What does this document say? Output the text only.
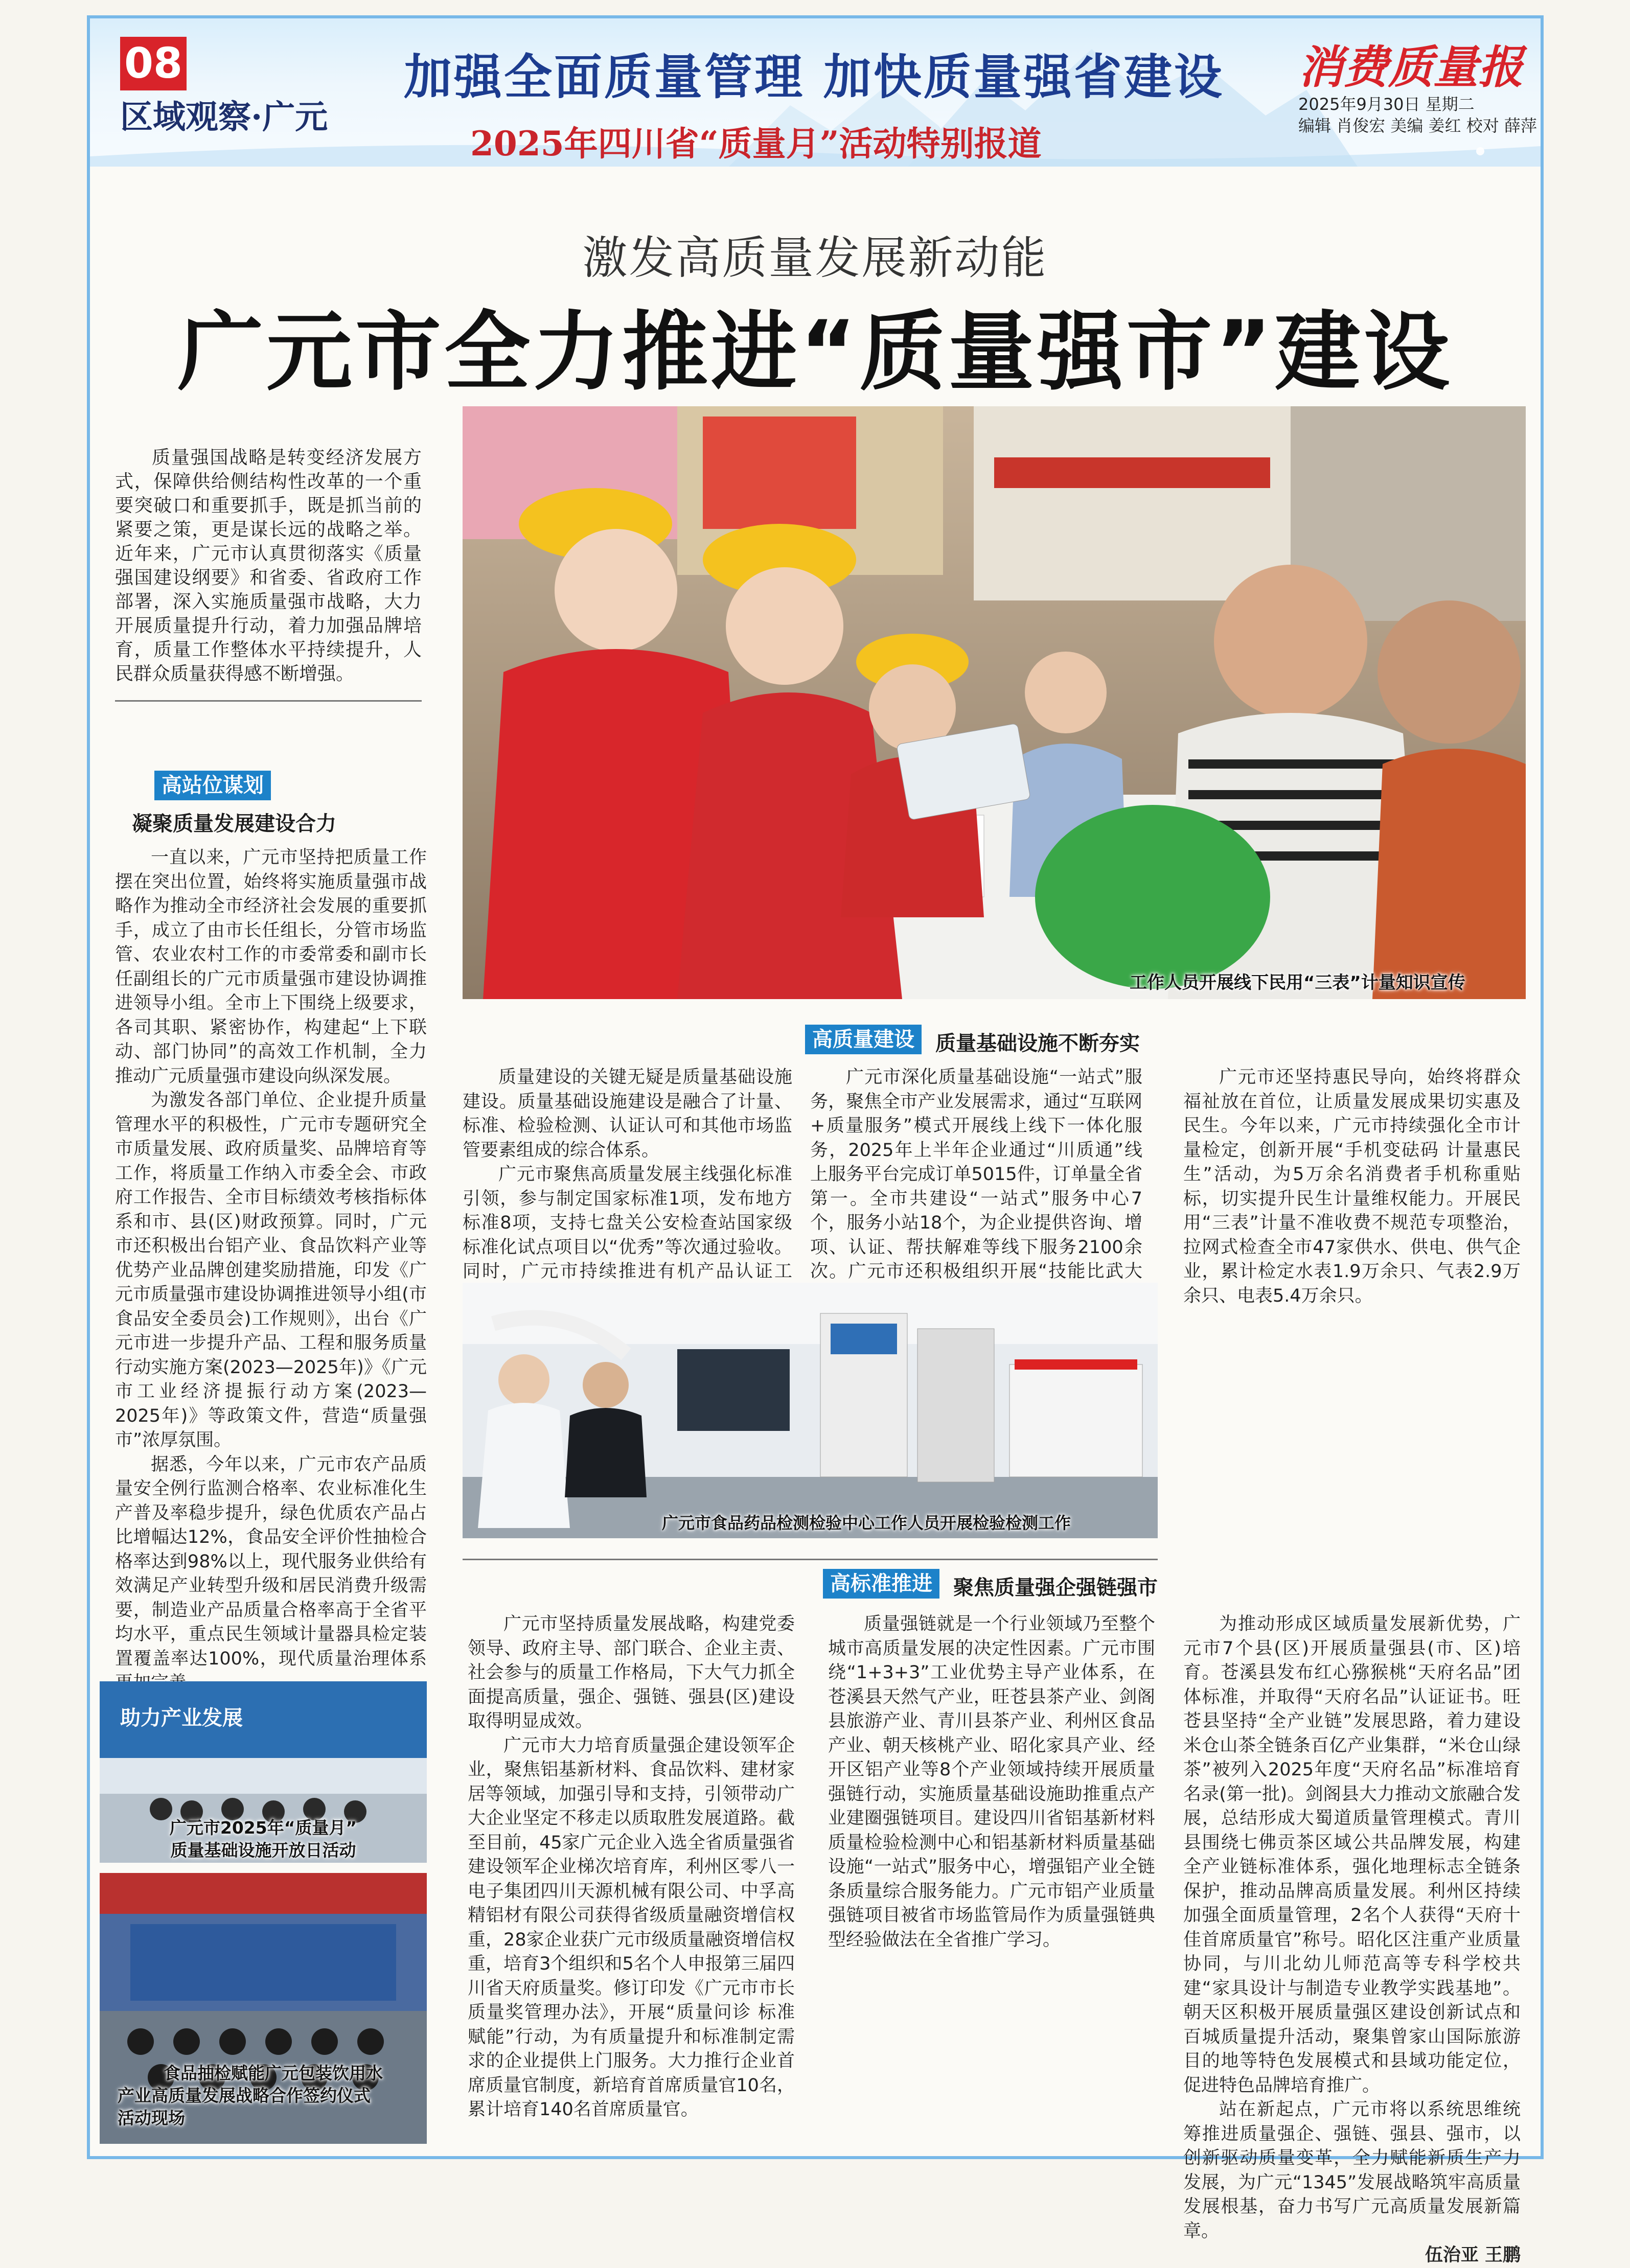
08
区域观察·广元
加强全面质量管理 加快质量强省建设
2025年四川省“质量月”活动特别报道
消费质量报
2025年9月30日 星期二
编辑 肖俊宏 美编 姜红 校对 薛萍
激发高质量发展新动能
广元市全力推进“质量强市”建设
质量强国战略是转变经济发展方式，保障供给侧结构性改革的一个重要突破口和重要抓手，既是抓当前的紧要之策，更是谋长远的战略之举。近年来，广元市认真贯彻落实《质量强国建设纲要》和省委、省政府工作部署，深入实施质量强市战略，大力开展质量提升行动，着力加强品牌培育，质量工作整体水平持续提升，人民群众质量获得感不断增强。
工作人员开展线下民用“三表”计量知识宣传
高站位谋划
凝聚质量发展建设合力

一直以来，广元市坚持把质量工作摆在突出位置，始终将实施质量强市战略作为推动全市经济社会发展的重要抓手，成立了由市长任组长，分管市场监管、农业农村工作的市委常委和副市长任副组长的广元市质量强市建设协调推进领导小组。全市上下围绕上级要求，各司其职、紧密协作，构建起“上下联动、部门协同”的高效工作机制，全力推动广元质量强市建设向纵深发展。

为激发各部门单位、企业提升质量管理水平的积极性，广元市专题研究全市质量发展、政府质量奖、品牌培育等工作，将质量工作纳入市委全会、市政府工作报告、全市目标绩效考核指标体系和市、县(区)财政预算。同时，广元市还积极出台铝产业、食品饮料产业等优势产业品牌创建奖励措施，印发《广元市质量强市建设协调推进领导小组(市食品安全委员会)工作规则》，出台《广元市进一步提升产品、工程和服务质量行动实施方案(2023—2025年)》《广元市工业经济提振行动方案(2023—2025年)》等政策文件，营造“质量强市”浓厚氛围。

据悉，今年以来，广元市农产品质量安全例行监测合格率、农业标准化生产普及率稳步提升，绿色优质农产品占比增幅达12%，食品安全评价性抽检合格率达到98%以上，现代服务业供给有效满足产业转型升级和居民消费升级需要，制造业产品质量合格率高于全省平均水平，重点民生领域计量器具检定装置覆盖率达100%，现代质量治理体系

高质量建设	质量基础设施不断夯实

质量建设的关键无疑是质量基础设施建设。质量基础设施建设是融合了计量、标准、检验检测、认证认可和其他市场监管要素组成的综合体系。

广元市聚焦高质量发展主线强化标准引领，参与制定国家标准1项，发布地方标准8项，支持七盘关公安检查站国家级标准化试点项目以“优秀”等次通过验收。同时，广元市持续推进有机产品认证工

广元市深化质量基础设施“一站式”服务，聚焦全市产业发展需求，通过“互联网+质量服务”模式开展线上线下一体化服务，2025年上半年企业通过“川质通”线上服务平台完成订单5015件，订单量全省第一。全市共建设“一站式”服务中心7个，服务小站18个，为企业提供咨询、增项、认证、帮扶解难等线下服务2100余次。广元市还积极组织开展“技能比武大

广元市还坚持惠民导向，始终将群众福祉放在首位，让质量发展成果切实惠及民生。今年以来，广元市持续强化全市计量检定，创新开展“手机变砝码 计量惠民生”活动，为5万余名消费者手机称重贴标，切实提升民生计量维权能力。开展民用“三表”计量不准收费不规范专项整治，拉网式检查全市47家供水、供电、供气企业，累计检定水表1.9万余只、气表2.9万余只、电表5.4万余只。

广元市食品药品检测检验中心工作人员开展检验检测工作
高标准推进	聚焦质量强企强链强市

广元市坚持质量发展战略，构建党委领导、政府主导、部门联合、企业主责、社会参与的质量工作格局，下大气力抓全面提高质量，强企、强链、强县(区)建设取得明显成效。

广元市大力培育质量强企建设领军企业，聚焦铝基新材料、食品饮料、建材家居等领域，加强引导和支持，引领带动广大企业坚定不移走以质取胜发展道路。截至目前，45家广元企业入选全省质量强省建设领军企业梯次培育库，利州区零八一电子集团四川天源机械有限公司、中孚高精铝材有限公司获得省级质量融资增信权重，28家企业获广元市级质量融资增信权重，培育3个组织和5名个人申报第三届四川省天府质量奖。修订印发《广元市市长质量奖管理办法》，开展“质量问诊 标准赋能”行动，为有质量提升和标准制定需求的企业提供上门服务。大力推行企业首席质量官制度，新培育首席质量官10名，累计培育140名首席质量官。

质量强链就是一个行业领域乃至整个城市高质量发展的决定性因素。广元市围绕“1+3+3”工业优势主导产业体系，在苍溪县天然气产业，旺苍县茶产业、剑阁县旅游产业、青川县茶产业、利州区食品产业、朝天核桃产业、昭化家具产业、经开区铝产业等8个产业领域持续开展质量强链行动，实施质量基础设施助推重点产业建圈强链项目。建设四川省铝基新材料质量检验检测中心和铝基新材料质量基础设施“一站式”服务中心，增强铝产业全链条质量综合服务能力。广元市铝产业质量强链项目被省市场监管局作为质量强链典型经验做法在全省推广学习。

为推动形成区域质量发展新优势，广元市7个县(区)开展质量强县(市、区)培育。苍溪县发布红心猕猴桃“天府名品”团体标准，并取得“天府名品”认证证书。旺苍县坚持“全产业链”发展思路，着力建设米仓山茶全链条百亿产业集群，“米仓山绿茶”被列入2025年度“天府名品”标准培育名录(第一批)。剑阁县大力推动文旅融合发展，总结形成大蜀道质量管理模式。青川县围绕七佛贡茶区域公共品牌发展，构建全产业链标准体系，强化地理标志全链条保护，推动品牌高质量发展。利州区持续加强全面质量管理，2名个人获得“天府十佳首席质量官”称号。昭化区注重产业质量协同，与川北幼儿师范高等专科学校共建“家具设计与制造专业教学实践基地”。朝天区积极开展质量强区建设创新试点和百城质量提升活动，聚集曾家山国际旅游目的地等特色发展模式和县域功能定位，促进特色品牌培育推广。

站在新起点，广元市将以系统思维统筹推进质量强企、强链、强县、强市，以创新驱动质量变革，全力赋能新质生产力发展，为广元“1345”发展战略筑牢高质量发展根基，奋力书写广元高质量发展新篇章。

伍治亚 王鹏
助力产业发展
广元市2025年“质量月”
质量基础设施开放日活动
食品抽检赋能广元包装饮用水
产业高质量发展战略合作签约仪式
活动现场
